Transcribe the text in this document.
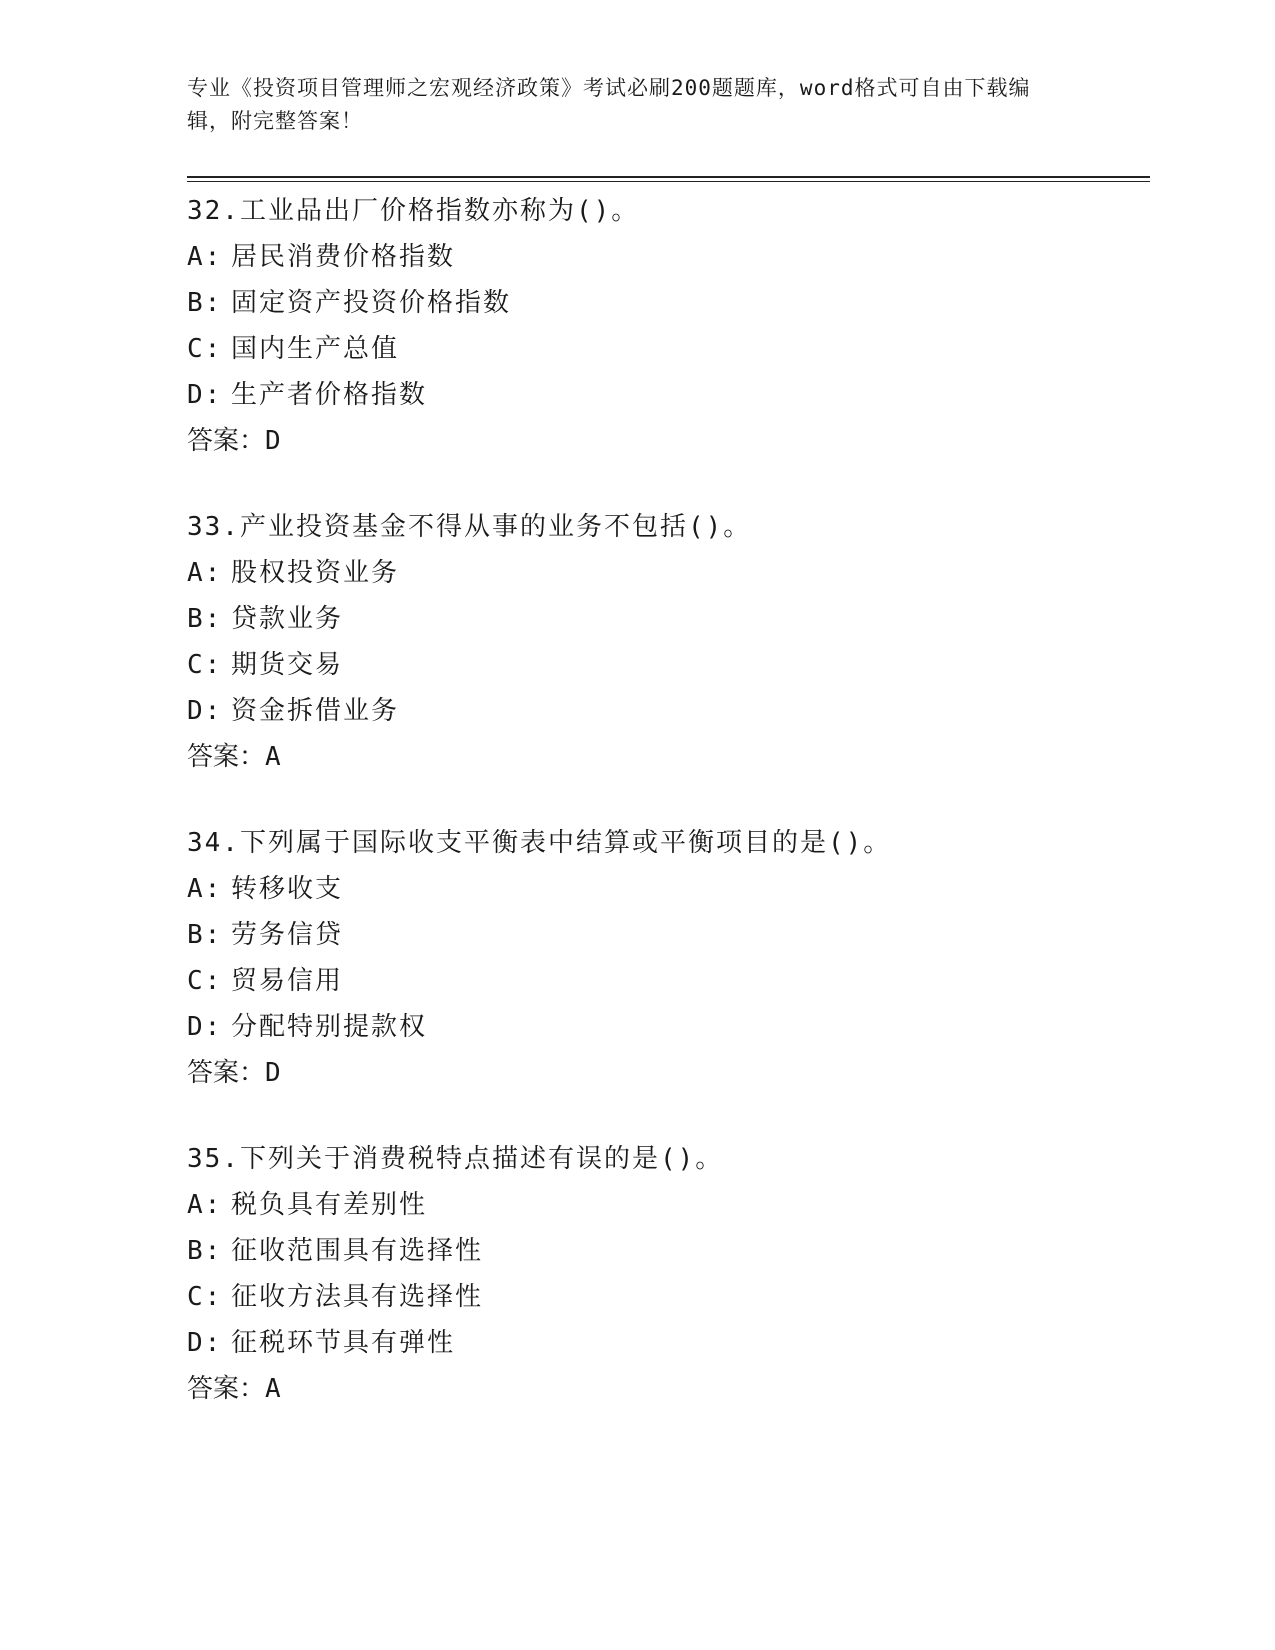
专业《投资项目管理师之宏观经济政策》考试必刷200题题库，word格式可自由下载编辑，附完整答案！
32.工业品出厂价格指数亦称为()。
A: 居民消费价格指数
B: 固定资产投资价格指数
C: 国内生产总值
D: 生产者价格指数
答案：D
33.产业投资基金不得从事的业务不包括()。
A: 股权投资业务
B: 贷款业务
C: 期货交易
D: 资金拆借业务
答案：A
34.下列属于国际收支平衡表中结算或平衡项目的是()。
A: 转移收支
B: 劳务信贷
C: 贸易信用
D: 分配特别提款权
答案：D
35.下列关于消费税特点描述有误的是()。
A: 税负具有差别性
B: 征收范围具有选择性
C: 征收方法具有选择性
D: 征税环节具有弹性
答案：A
